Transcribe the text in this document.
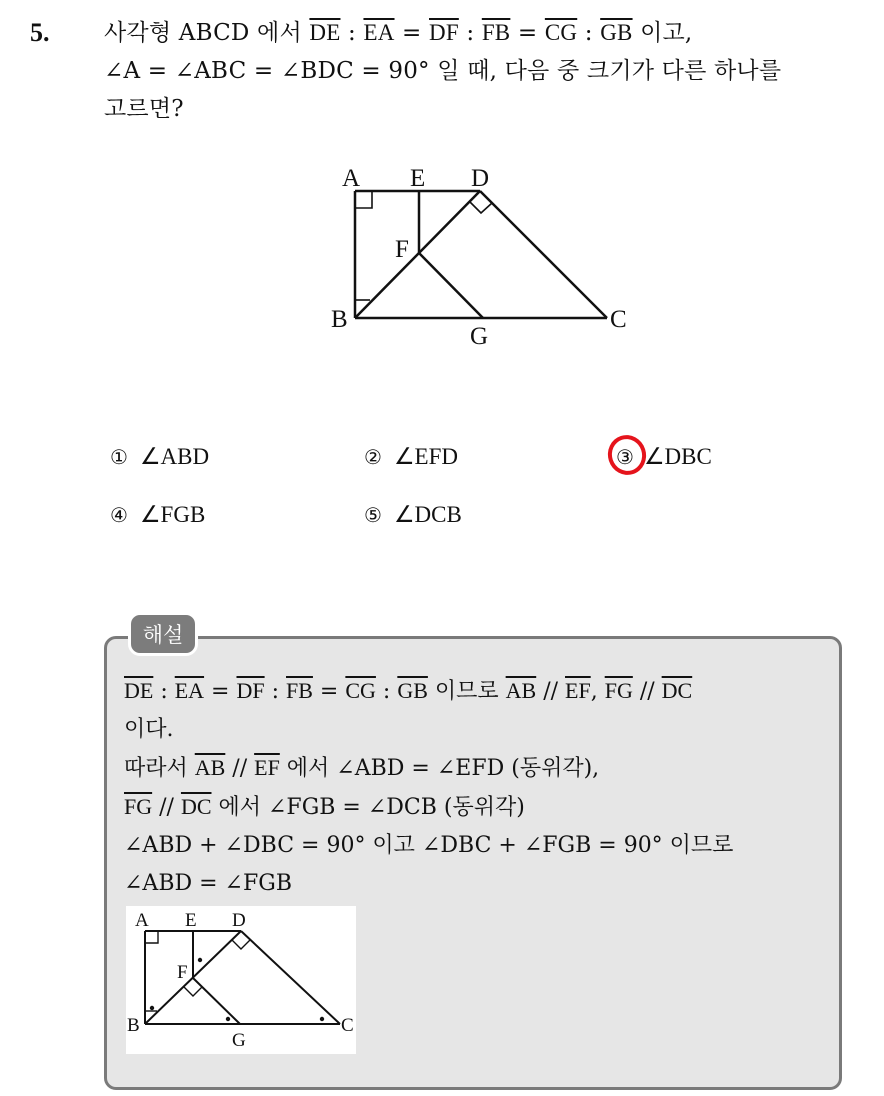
5. 사각형 ABCD 에서 $\overline{DE}$ : $\overline{EA} = \overline{DF}$ : $\overline{FB} = \overline{CG}$ : $\overline{GB}$ 이고,
∠A = ∠ABC = ∠BDC = 90° 일 때, 다음 중 크기가 다른 하나를
고르면?
A E D
F
B
G
C
① ∠ABD	② ∠EFD	③ ∠DBC
④ ∠FGB	⑤ ∠DCB
해설
$\overline{DE}$ : $\overline{EA} = \overline{DF}$ : $\overline{FB} = \overline{CG}$ : $\overline{GB}$ 이므로 $\overline{AB} // \overline{EF}$, $\overline{FG} // \overline{DC}$
이다.
따라서 $\overline{AB} // \overline{EF}$ 에서 ∠ABD = ∠EFD (동위각),
$\overline{FG} // \overline{DC}$ 에서 ∠FGB = ∠DCB (동위각)
∠ABD + ∠DBC = 90° 이고 ∠DBC + ∠FGB = 90° 이므로
∠ABD = ∠FGB
A E D
F
B
G
C
